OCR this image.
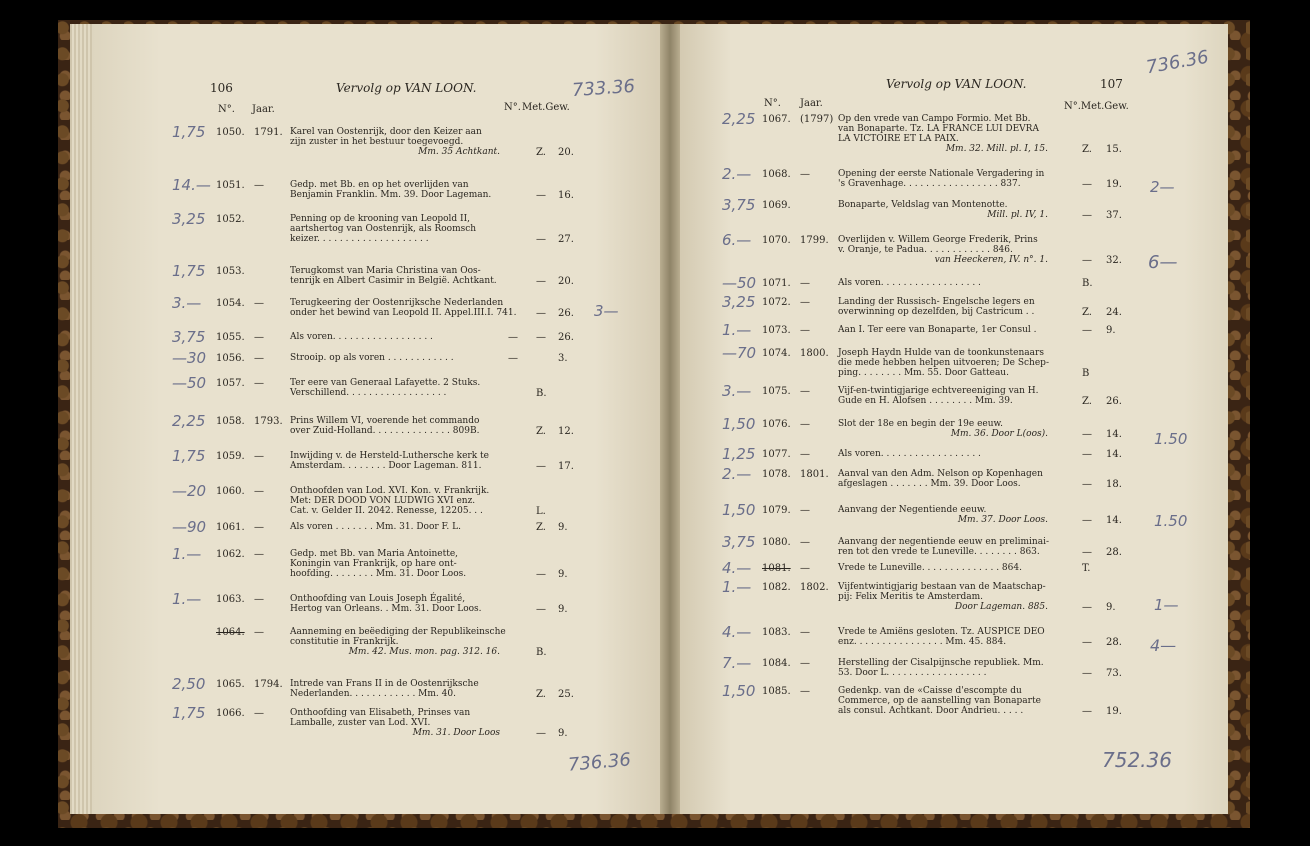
106	Vervolg op VAN LOON.	733.36
N°. Jaar.	N°. Met.Gew.
1,75 1050. 1791. Karel van Oostenrijk, door den Keizer aan
zijn zuster in het bestuur toegevoegd.
Mm. 35 Achtkant.	Z. 20.
14.— 1051. —	Gedp. met Bb. en op het overlijden van
Benjamin Franklin. Mm. 39. Door Lageman.	— 16.
3,25 1052.	Penning op de krooning van Leopold II,
aartshertog van Oostenrijk, als Roomsch
keizer. . . . . . . . . . . . . . . . . . . .	— 27.
1,75 1053.	Terugkomst van Maria Christina van Oos-
tenrijk en Albert Casimir in België. Achtkant.	— 20.
3.— 1054. —	Terugkeering der Oostenrijksche Nederlanden
onder het bewind van Leopold II. Appel.III.I. 741. — 26.
3,75 1055. —	Als voren. . . . . . . . . . . . . . . . . .	— — 26.
—30 1056. —	Strooip. op als voren . . . . . . . . . . . .	—	3.
—50 1057. —	Ter eere van Generaal Lafayette. 2 Stuks.
Verschillend. . . . . . . . . . . . . . . . . .	B.
2,25 1058. 1793. Prins Willem VI, voerende het commando
over Zuid-Holland. . . . . . . . . . . . . . 809B.	Z. 12.
1,75 1059. —	Inwijding v. de Hersteld-Luthersche kerk te
Amsterdam. . . . . . . . Door Lageman. 811.	— 17.
—20 1060. —	Onthoofden van Lod. XVI. Kon. v. Frankrijk.
Met: DER DOOD VON LUDWIG XVI enz.
Cat. v. Gelder II. 2042. Renesse, 12205. . .	L.
—90 1061. —	Als voren . . . . . . . Mm. 31. Door F. L.	Z. 9.
1.— 1062. —	Gedp. met Bb. van Maria Antoinette,
Koningin van Frankrijk, op hare ont-
hoofding. . . . . . . . Mm. 31. Door Loos.	— 9.
1.— 1063. —	Onthoofding van Louis Joseph Égalité,
Hertog van Orleans. . Mm. 31. Door Loos.	— 9.
1064. —	Aanneming en beëediging der Republikeinsche
constitutie in Frankrijk.
Mm. 42. Mus. mon. pag. 312. 16.	B.
2,50 1065. 1794. Intrede van Frans II in de Oostenrijksche
Nederlanden. . . . . . . . . . . . Mm. 40.	Z. 25.
1,75 1066. —	Onthoofding van Elisabeth, Prinses van
Lamballe, zuster van Lod. XVI.
Mm. 31. Door Loos	— 9.
3—
736.36
Vervolg op VAN LOON.	107
736.36
N°. Jaar.	N°.Met.Gew.
2,25 1067. (1797) Op den vrede van Campo Formio. Met Bb.
van Bonaparte. Tz. LA FRANCE LUI DEVRA
LA VICTOIRE ET LA PAIX.
Mm. 32. Mill. pl. I, 15.	Z. 15.
2.— 1068. —	Opening der eerste Nationale Vergadering in
's Gravenhage. . . . . . . . . . . . . . . . . 837.	— 19.
3,75 1069.	Bonaparte, Veldslag van Montenotte.
Mill. pl. IV, 1.	— 37.
6.— 1070. 1799. Overlijden v. Willem George Frederik, Prins
v. Oranje, te Padua. . . . . . . . . . . . 846.
van Heeckeren, IV. n°. 1.	— 32.
—50 1071. —	Als voren. . . . . . . . . . . . . . . . . .	B.
3,25 1072. —	Landing der Russisch- Engelsche legers en
overwinning op dezelfden, bij Castricum . .	Z. 24.
1.— 1073. —	Aan I. Ter eere van Bonaparte, 1er Consul .	— 9.
—70 1074. 1800. Joseph Haydn Hulde van de toonkunstenaars
die mede hebben helpen uitvoeren; De Schep-
ping. . . . . . . . Mm. 55. Door Gatteau.	B
3.— 1075. —	Vijf-en-twintigjarige echtvereeniging van H.
Gude en H. Alofsen . . . . . . . . Mm. 39.	Z. 26.
1,50 1076. —	Slot der 18e en begin der 19e eeuw.
Mm. 36. Door L(oos).	— 14.
1,25 1077. —	Als voren. . . . . . . . . . . . . . . . . .	— 14.
2.— 1078. 1801. Aanval van den Adm. Nelson op Kopenhagen
afgeslagen . . . . . . . Mm. 39. Door Loos.	— 18.
1,50 1079. —	Aanvang der Negentiende eeuw.
Mm. 37. Door Loos.	— 14.
3,75 1080. —	Aanvang der negentiende eeuw en preliminai-
ren tot den vrede te Luneville. . . . . . . . 863.	— 28.
4.— 1081. —	Vrede te Luneville. . . . . . . . . . . . . . 864.	T.
1.— 1082. 1802. Vijfentwintigjarig bestaan van de Maatschap-
pij: Felix Meritis te Amsterdam.
Door Lageman. 885.	— 9.
4.— 1083. —	Vrede te Amiëns gesloten. Tz. AUSPICE DEO
enz. . . . . . . . . . . . . . . . Mm. 45. 884.	— 28.
7.— 1084. —	Herstelling der Cisalpijnsche republiek. Mm.
53. Door L. . . . . . . . . . . . . . . . . .	— 73.
1,50 1085. —	Gedenkp. van de «Caisse d'escompte du
Commerce, op de aanstelling van Bonaparte
als consul. Achtkant. Door Andrieu. . . . .	— 19.
2—
6—
1.50
1.50
1—
4—
752.36
